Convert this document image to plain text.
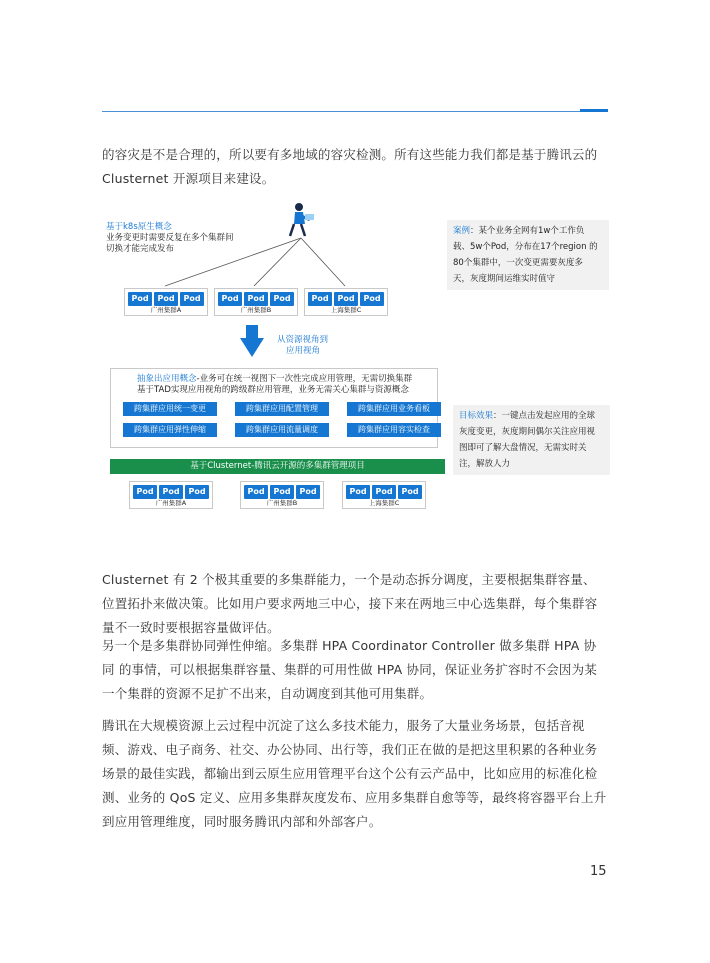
的容灾是不是合理的，所以要有多地域的容灾检测。所有这些能力我们都是基于腾讯云的 Clusternet 开源项目来建设。
基于k8s原生概念
业务变更时需要反复在多个集群间
切换才能完成发布
Pod	Pod	Pod
广州集群A
Pod	Pod	Pod
广州集群B
Pod	Pod	Pod
上海集群C
案例：某个业务全网有1w个工作负
载、5w个Pod，分布在17个region 的
80个集群中，一次变更需要灰度多
天，灰度期间运维实时值守
从资源视角到
应用视角
抽象出应用概念-业务可在统一视图下一次性完成应用管理，无需切换集群
基于TAD实现应用视角的跨级群应用管理，业务无需关心集群与资源概念
跨集群应用统一变更	跨集群应用配置管理	跨集群应用业务看板
跨集群应用弹性伸缩	跨集群应用流量调度	跨集群应用容实检查
目标效果：一键点击发起应用的全球
灰度变更，灰度期间偶尔关注应用视
图即可了解大盘情况，无需实时关
注，解放人力
基于Clusternet-腾讯云开源的多集群管理项目
Pod	Pod	Pod
广州集群A
Pod	Pod	Pod
广州集群B
Pod	Pod	Pod
上海集群C
Clusternet 有 2 个极其重要的多集群能力，一个是动态拆分调度，主要根据集群容量、位置拓扑来做决策。比如用户要求两地三中心，接下来在两地三中心选集群，每个集群容量不一致时要根据容量做评估。
另一个是多集群协同弹性伸缩。多集群 HPA Coordinator Controller 做多集群 HPA 协同 的事情，可以根据集群容量、集群的可用性做 HPA 协同，保证业务扩容时不会因为某一个集群的资源不足扩不出来，自动调度到其他可用集群。
腾讯在大规模资源上云过程中沉淀了这么多技术能力，服务了大量业务场景，包括音视频、游戏、电子商务、社交、办公协同、出行等，我们正在做的是把这里积累的各种业务场景的最佳实践，都输出到云原生应用管理平台这个公有云产品中，比如应用的标准化检测、业务的 QoS 定义、应用多集群灰度发布、应用多集群自愈等等，最终将容器平台上升到应用管理维度，同时服务腾讯内部和外部客户。
15
